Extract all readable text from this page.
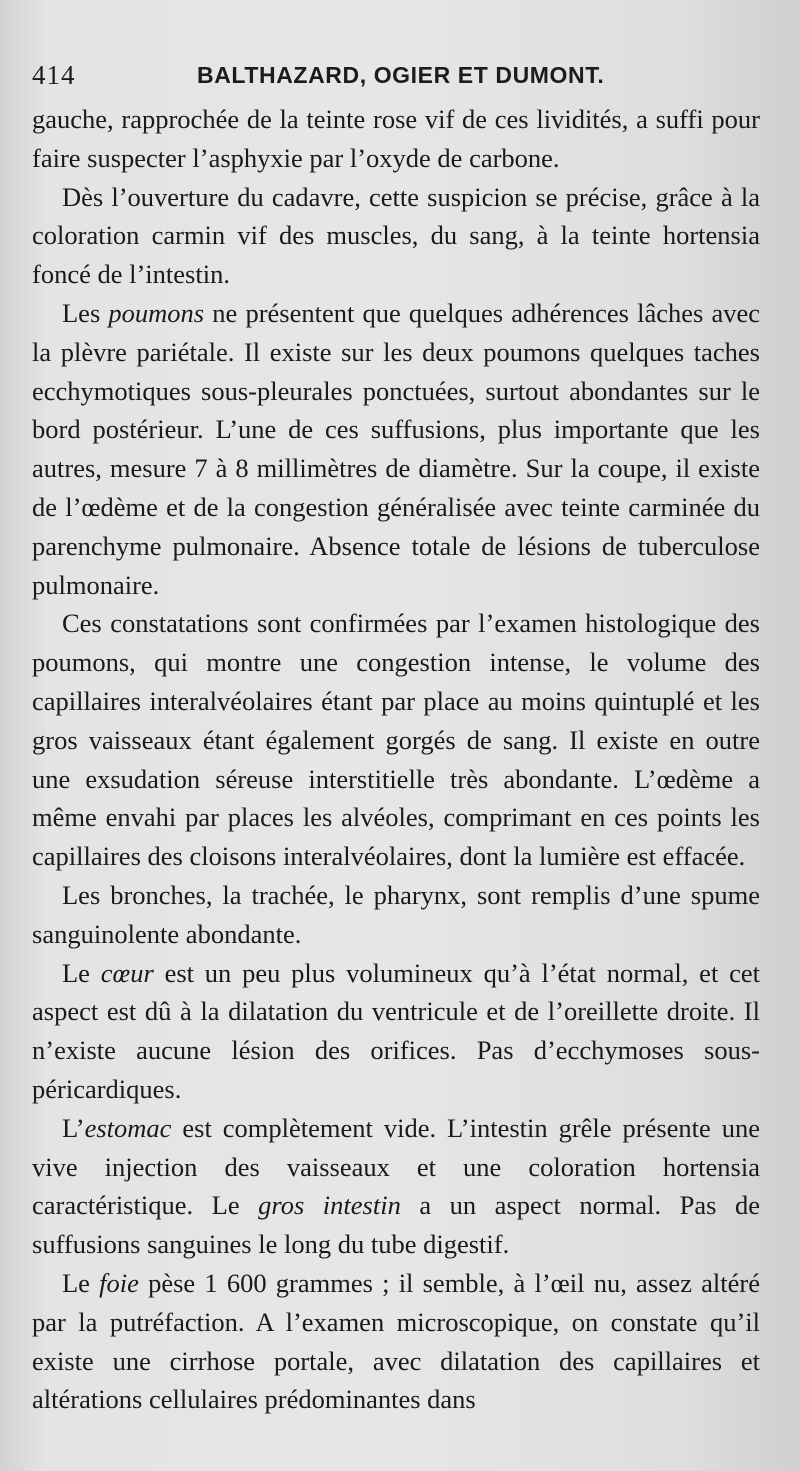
414	BALTHAZARD, OGIER ET DUMONT.

gauche, rapprochée de la teinte rose vif de ces lividités, a suffi pour faire suspecter l’asphyxie par l’oxyde de carbone.

Dès l’ouverture du cadavre, cette suspicion se précise, grâce à la coloration carmin vif des muscles, du sang, à la teinte hortensia foncé de l’intestin.

Les poumons ne présentent que quelques adhérences lâches avec la plèvre pariétale. Il existe sur les deux poumons quelques taches ecchymotiques sous-pleurales ponctuées, surtout abondantes sur le bord postérieur. L’une de ces suffusions, plus importante que les autres, mesure 7 à 8 millimètres de diamètre. Sur la coupe, il existe de l’œdème et de la congestion généralisée avec teinte carminée du parenchyme pulmonaire. Absence totale de lésions de tuberculose pulmonaire.

Ces constatations sont confirmées par l’examen histologique des poumons, qui montre une congestion intense, le volume des capillaires interalvéolaires étant par place au moins quintuplé et les gros vaisseaux étant également gorgés de sang. Il existe en outre une exsudation séreuse interstitielle très abondante. L’œdème a même envahi par places les alvéoles, comprimant en ces points les capillaires des cloisons interalvéolaires, dont la lumière est effacée.

Les bronches, la trachée, le pharynx, sont remplis d’une spume sanguinolente abondante.

Le cœur est un peu plus volumineux qu’à l’état normal, et cet aspect est dû à la dilatation du ventricule et de l’oreillette droite. Il n’existe aucune lésion des orifices. Pas d’ecchymoses sous-péricardiques.

L’estomac est complètement vide. L’intestin grêle présente une vive injection des vaisseaux et une coloration hortensia caractéristique. Le gros intestin a un aspect normal. Pas de suffusions sanguines le long du tube digestif.

Le foie pèse 1 600 grammes ; il semble, à l’œil nu, assez altéré par la putréfaction. A l’examen microscopique, on constate qu’il existe une cirrhose portale, avec dilatation des capillaires et altérations cellulaires prédominantes dans
